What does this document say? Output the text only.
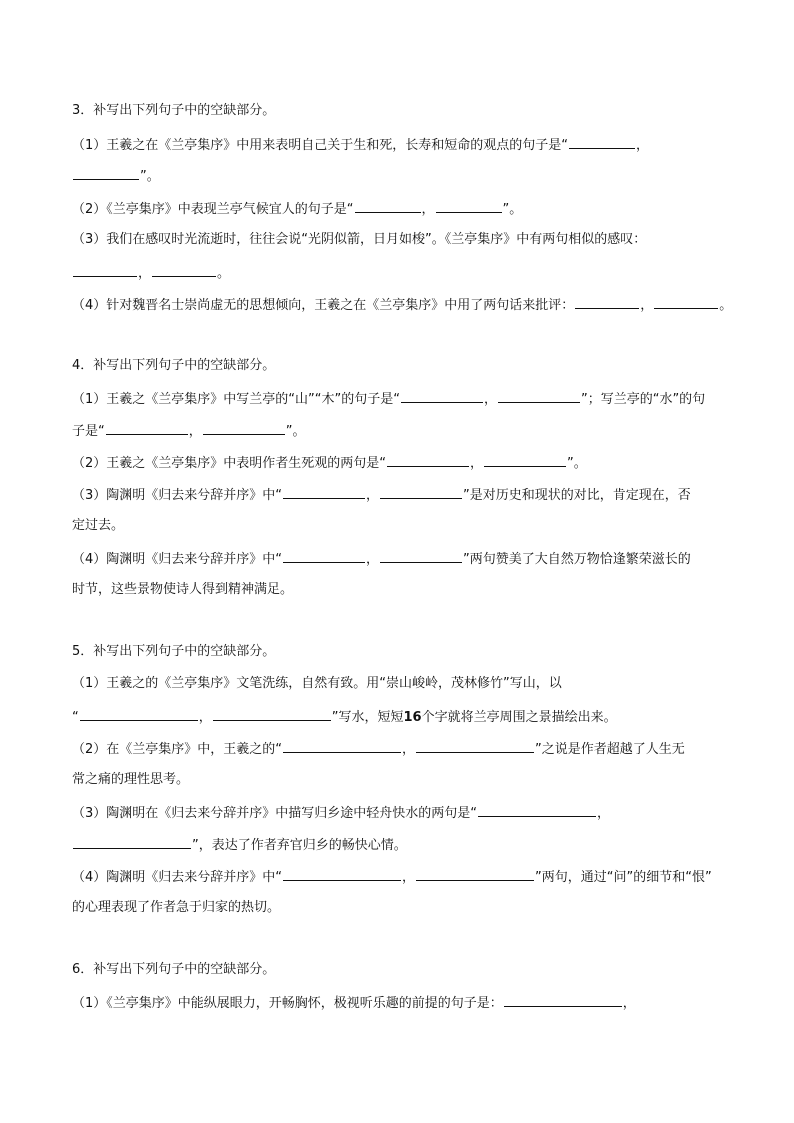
3．补写出下列句子中的空缺部分。
（1）王羲之在《兰亭集序》中用来表明自己关于生和死，长寿和短命的观点的句子是“	，
”。
（2）《兰亭集序》中表现兰亭气候宜人的句子是“	，	”。
（3）我们在感叹时光流逝时，往往会说“光阴似箭，日月如梭”。《兰亭集序》中有两句相似的感叹：
，	。
（4）针对魏晋名士崇尚虚无的思想倾向，王羲之在《兰亭集序》中用了两句话来批评：	，	。
4．补写出下列句子中的空缺部分。
（1）王羲之《兰亭集序》中写兰亭的“山”“木”的句子是“	，	”；写兰亭的“水”的句
子是“	，	”。
（2）王羲之《兰亭集序》中表明作者生死观的两句是“	，	”。
（3）陶渊明《归去来兮辞并序》中“	，	”是对历史和现状的对比，肯定现在，否
定过去。
（4）陶渊明《归去来兮辞并序》中“	，	”两句赞美了大自然万物恰逢繁荣滋长的
时节，这些景物使诗人得到精神满足。
5．补写出下列句子中的空缺部分。
（1）王羲之的《兰亭集序》文笔洗练，自然有致。用“崇山峻岭，茂林修竹”写山，以
“	，	”写水，短短16个字就将兰亭周围之景描绘出来。
（2）在《兰亭集序》中，王羲之的“	，	”之说是作者超越了人生无
常之痛的理性思考。
（3）陶渊明在《归去来兮辞并序》中描写归乡途中轻舟快水的两句是“	，
”，表达了作者弃官归乡的畅快心情。
（4）陶渊明《归去来兮辞并序》中“	，	”两句，通过“问”的细节和“恨”
的心理表现了作者急于归家的热切。
6．补写出下列句子中的空缺部分。
（1）《兰亭集序》中能纵展眼力，开畅胸怀，极视听乐趣的前提的句子是：	，
